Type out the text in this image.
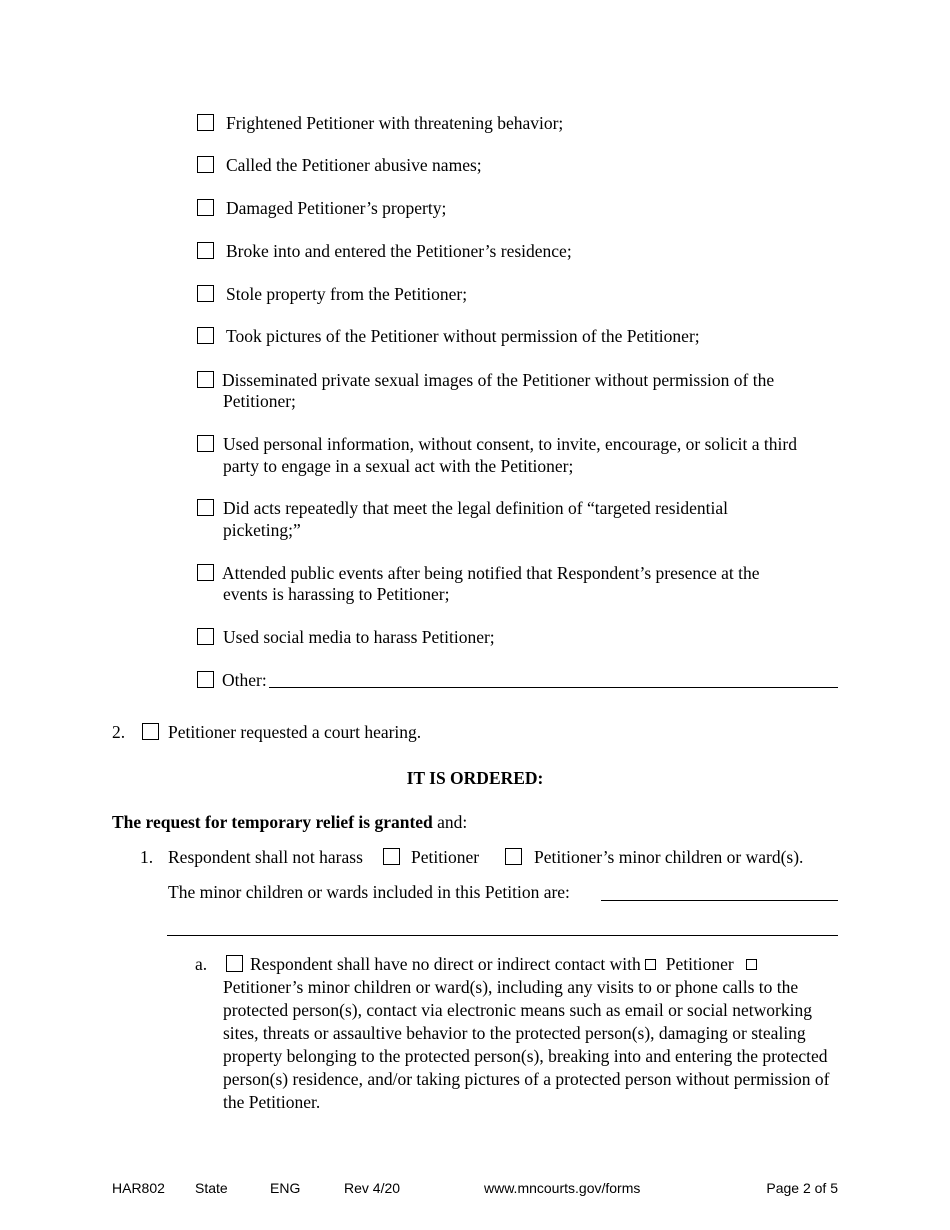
Frightened Petitioner with threatening behavior;
Called the Petitioner abusive names;
Damaged Petitioner’s property;
Broke into and entered the Petitioner’s residence;
Stole property from the Petitioner;
Took pictures of the Petitioner without permission of the Petitioner;
Disseminated private sexual images of the Petitioner without permission of the
Petitioner;
Used personal information, without consent, to invite, encourage, or solicit a third
party to engage in a sexual act with the Petitioner;
Did acts repeatedly that meet the legal definition of “targeted residential
picketing;”
Attended public events after being notified that Respondent’s presence at the
events is harassing to Petitioner;
Used social media to harass Petitioner;
Other:
2. Petitioner requested a court hearing.
IT IS ORDERED:
The request for temporary relief is granted and:
1. Respondent shall not harass	Petitioner	Petitioner’s minor children or ward(s).
The minor children or wards included in this Petition are:
a. Respondent shall have no direct or indirect contact with Petitioner
Petitioner’s minor children or ward(s), including any visits to or phone calls to the protected person(s), contact via electronic means such as email or social networking sites, threats or assaultive behavior to the protected person(s), damaging or stealing property belonging to the protected person(s), breaking into and entering the protected person(s) residence, and/or taking pictures of a protected person without permission of the Petitioner.
HAR802 State	ENG	Rev 4/20	www.mncourts.gov/forms	Page 2 of 5
